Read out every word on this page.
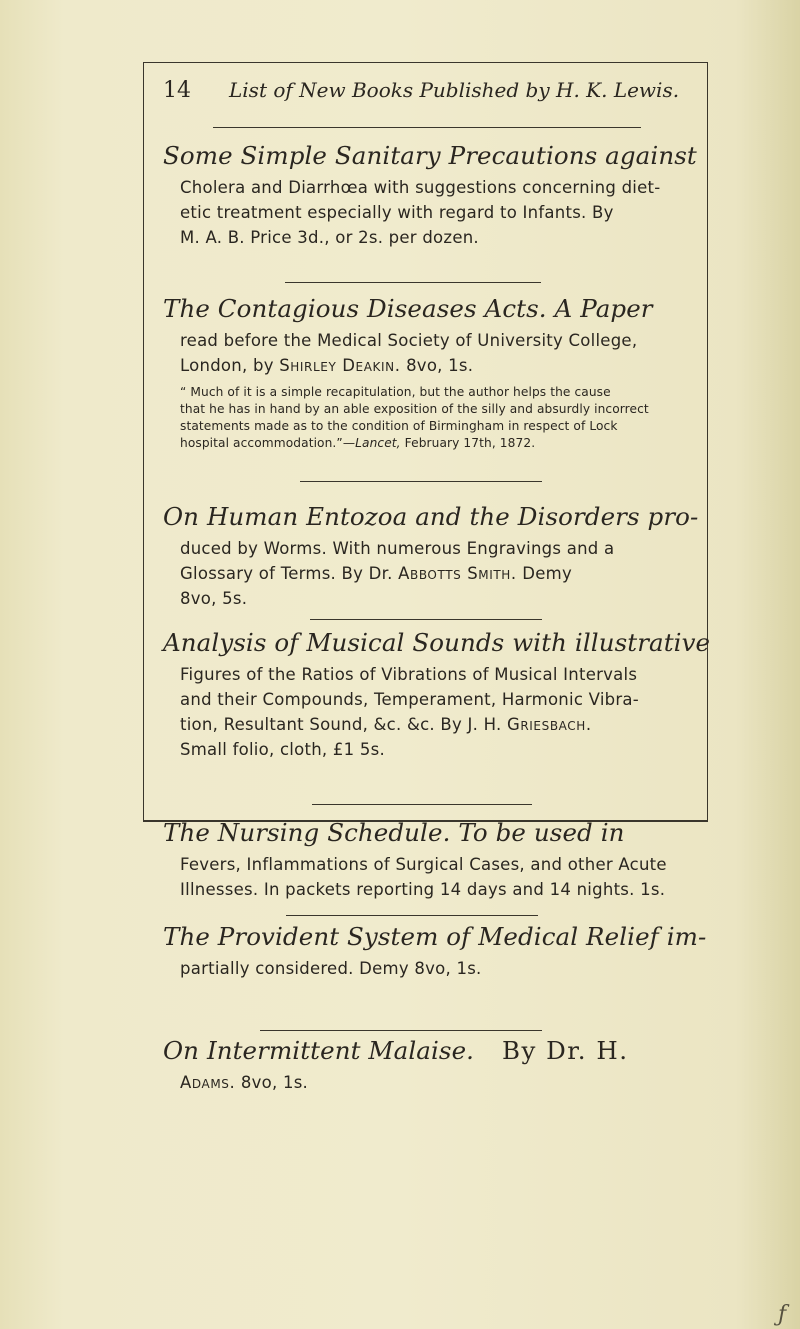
14 List of New Books Published by H. K. Lewis.
Some Simple Sanitary Precautions against

Cholera and Diarrhœa with suggestions concerning diet-

etic treatment especially with regard to Infants. By

M. A. B. Price 3d., or 2s. per dozen.

The Contagious Diseases Acts. A Paper

read before the Medical Society of University College,

London, by Shirley Deakin. 8vo, 1s.

“ Much of it is a simple recapitulation, but the author helps the cause

that he has in hand by an able exposition of the silly and absurdly incorrect

statements made as to the condition of Birmingham in respect of Lock

hospital accommodation.”—Lancet, February 17th, 1872.

On Human Entozoa and the Disorders pro-

duced by Worms. With numerous Engravings and a

Glossary of Terms. By Dr. Abbotts Smith. Demy

8vo, 5s.

Analysis of Musical Sounds with illustrative

Figures of the Ratios of Vibrations of Musical Intervals

and their Compounds, Temperament, Harmonic Vibra-

tion, Resultant Sound, &c. &c. By J. H. Griesbach.

Small folio, cloth, £1 5s.

The Nursing Schedule. To be used in

Fevers, Inflammations of Surgical Cases, and other Acute

Illnesses. In packets reporting 14 days and 14 nights. 1s.

The Provident System of Medical Relief im-

partially considered. Demy 8vo, 1s.

On Intermittent Malaise. By Dr. H.

Adams. 8vo, 1s.

ƒ
